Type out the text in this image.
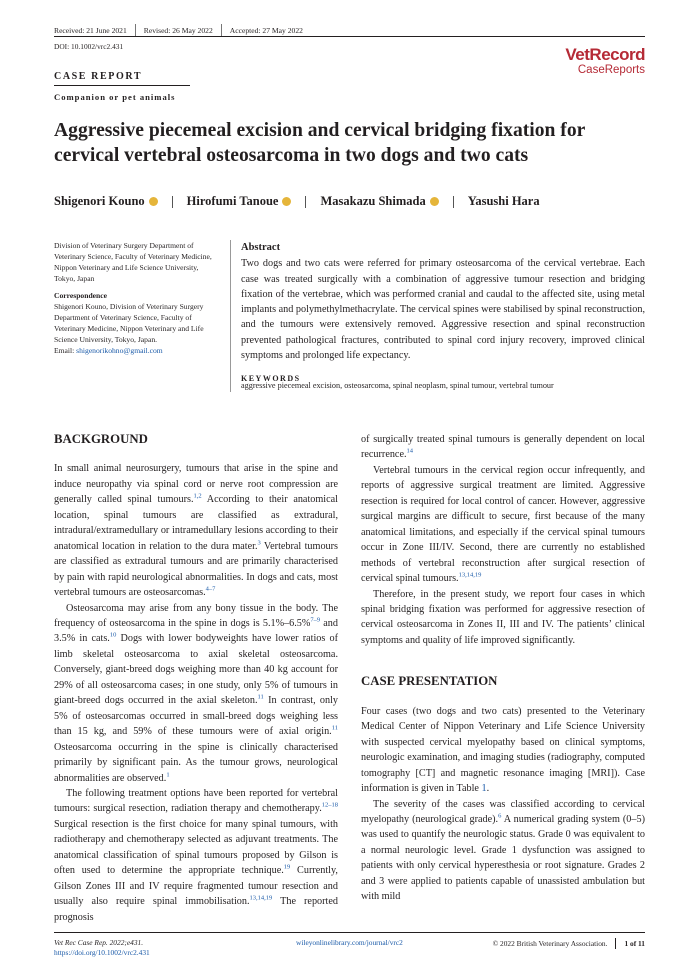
Received: 21 June 2021 Revised: 26 May 2022 Accepted: 27 May 2022
DOI: 10.1002/vrc2.431	VetRecord
CaseReports
CASE REPORT
Companion or pet animals
Aggressive piecemeal excision and cervical bridging fixation for cervical vertebral osteosarcoma in two dogs and two cats
Shigenori Kouno	Hirofumi Tanoue	Masakazu Shimada	Yasushi Hara

Division of Veterinary Surgery Department of Veterinary Science, Faculty of Veterinary Medicine, Nippon Veterinary and Life Science University, Tokyo, Japan

Correspondence
Shigenori Kouno, Division of Veterinary Surgery Department of Veterinary Science, Faculty of Veterinary Medicine, Nippon Veterinary and Life Science University, Tokyo, Japan.
Email: shigenorikohno@gmail.com
Abstract

Two dogs and two cats were referred for primary osteosarcoma of the cervical vertebrae. Each case was treated surgically with a combination of aggressive tumour resection and bridging fixation of the vertebrae, which was performed cranial and caudal to the affected site, using metal implants and polymethylmethacrylate. The cervical spines were stabilised by spinal reconstruction, and the tumours were extensively removed. Aggressive resection and spinal reconstruction prevented pathological fractures, contributed to spinal cord injury recovery, improved clinical symptoms and prolonged life expectancy.

KEYWORDS
aggressive piecemeal excision, osteosarcoma, spinal neoplasm, spinal tumour, vertebral tumour
BACKGROUND

In small animal neurosurgery, tumours that arise in the spine and induce neuropathy via spinal cord or nerve root compression are generally called spinal tumours.$^{1,2}$ According to their anatomical location, spinal tumours are classified as extradural, intradural/extramedullary or intramedullary lesions according to their anatomical location in relation to the dura mater.$^3$ Vertebral tumours are classified as extradural tumours and are primarily characterised by pain with rapid neurological abnormalities. In dogs and cats, most vertebral tumours are osteosarcomas.$^{4-7}$

Osteosarcoma may arise from any bony tissue in the body. The frequency of osteosarcoma in the spine in dogs is 5.1%–6.5%$^{7-9}$ and 3.5% in cats.$^{10}$ Dogs with lower bodyweights have lower ratios of limb skeletal osteosarcoma to axial skeletal osteosarcoma. Conversely, giant-breed dogs weighing more than 40 kg account for 29% of all osteosarcoma cases; in one study, only 5% of tumours in giant-breed dogs occurred in the axial skeleton.$^{11}$ In contrast, only 5% of osteosarcomas occurred in small-breed dogs weighing less than 15 kg, and 59% of these tumours were of axial origin.$^{11}$ Osteosarcoma occurring in the spine is clinically characterised primarily by significant pain. As the tumour grows, neurological abnormalities are observed.$^1$

The following treatment options have been reported for vertebral tumours: surgical resection, radiation therapy and chemotherapy.$^{12-18}$ Surgical resection is the first choice for many spinal tumours, with radiotherapy and chemotherapy selected as adjuvant treatments. The anatomical classification of spinal tumours proposed by Gilson is often used to determine the appropriate technique.$^{19}$ Currently, Gilson Zones III and IV require fragmented tumour resection and usually also require spinal immobilisation.$^{13,14,19}$ The reported prognosis

of surgically treated spinal tumours is generally dependent on local recurrence.$^{14}$

Vertebral tumours in the cervical region occur infrequently, and reports of aggressive surgical treatment are limited. Aggressive resection is required for local control of cancer. However, aggressive surgical margins are difficult to secure, first because of the many anatomical limitations, and especially if the cervical spinal tumours occur in Zone III/IV. Second, there are currently no established methods of vertebral reconstruction after surgical resection of cervical spinal tumours.$^{13,14,19}$

Therefore, in the present study, we report four cases in which spinal bridging fixation was performed for aggressive resection of cervical osteosarcoma in Zones II, III and IV. The patients’ clinical symptoms and quality of life improved significantly.

CASE PRESENTATION

Four cases (two dogs and two cats) presented to the Veterinary Medical Center of Nippon Veterinary and Life Science University with suspected cervical myelopathy based on clinical symptoms, neurologic examination, and imaging studies (radiography, computed tomography [CT] and magnetic resonance imaging [MRI]). Case information is given in Table 1.

The severity of the cases was classified according to cervical myelopathy (neurological grade).$^6$ A numerical grading system (0–5) was used to quantify the neurologic status. Grade 0 was equivalent to a normal neurologic level. Grade 1 dysfunction was assigned to patients with only cervical hyperesthesia or root signature. Grades 2 and 3 were applied to patients capable of unassisted ambulation but with mild

Vet Rec Case Rep. 2022;e431.
https://doi.org/10.1002/vrc2.431
wileyonlinelibrary.com/journal/vrc2	© 2022 British Veterinary Association. 1 of 11
